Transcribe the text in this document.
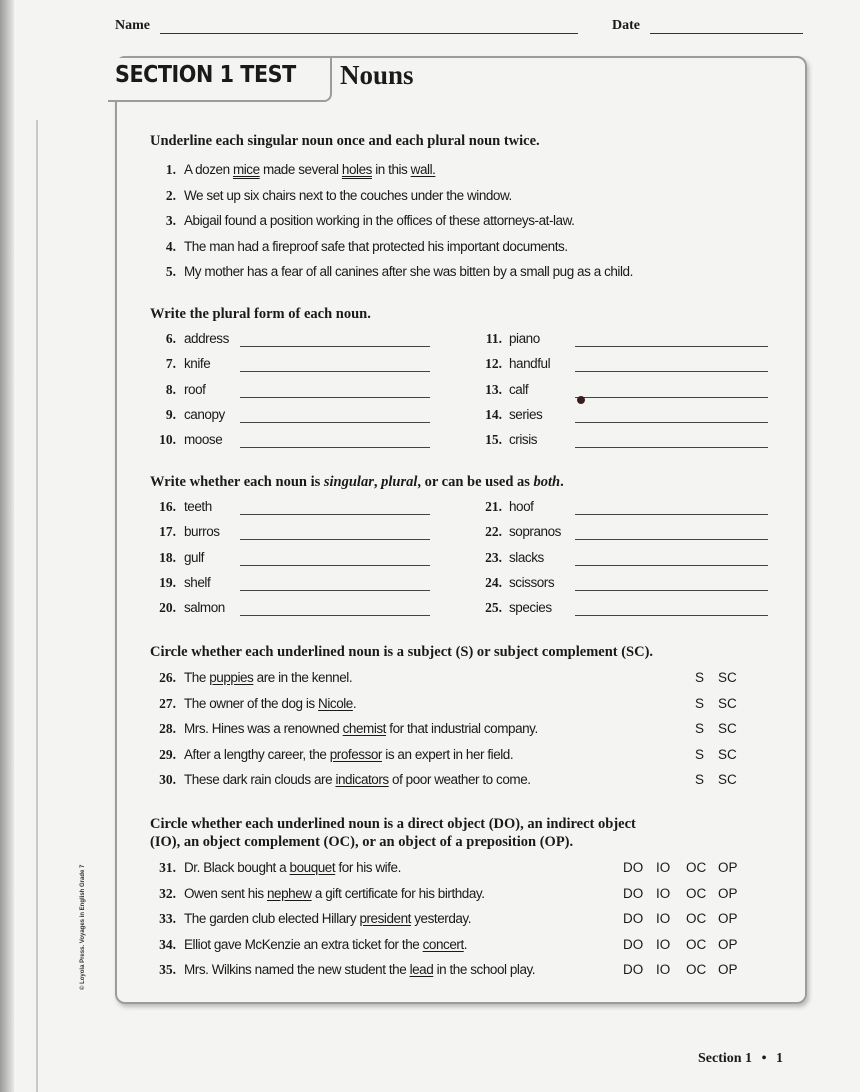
Name	Date
SECTION 1 TEST Nouns
Underline each singular noun once and each plural noun twice.
1. A dozen mice made several holes in this wall.
2. We set up six chairs next to the couches under the window.
3. Abigail found a position working in the offices of these attorneys-at-law.
4. The man had a fireproof safe that protected his important documents.
5. My mother has a fear of all canines after she was bitten by a small pug as a child.
Write the plural form of each noun.
6. address
7. knife
8. roof
9. canopy
10. moose
11. piano
12. handful
13. calf
14. series
15. crisis
Write whether each noun is singular, plural, or can be used as both.
16. teeth
17. burros
18. gulf
19. shelf
20. salmon
21. hoof
22. sopranos
23. slacks
24. scissors
25. species
Circle whether each underlined noun is a subject (S) or subject complement (SC).
26. The puppies are in the kennel.	S SC
27. The owner of the dog is Nicole.	S SC
28. Mrs. Hines was a renowned chemist for that industrial company.	S SC
29. After a lengthy career, the professor is an expert in her field.	S SC
30. These dark rain clouds are indicators of poor weather to come.	S SC
Circle whether each underlined noun is a direct object (DO), an indirect object
(IO), an object complement (OC), or an object of a preposition (OP).
31. Dr. Black bought a bouquet for his wife.	DO IO OC OP
32. Owen sent his nephew a gift certificate for his birthday.	DO IO OC OP
33. The garden club elected Hillary president yesterday.	DO IO OC OP
34. Elliot gave McKenzie an extra ticket for the concert.	DO IO OC OP
35. Mrs. Wilkins named the new student the lead in the school play.	DO IO OC OP
© Loyola Press. Voyages in English Grade 7
Section 1 • 1
